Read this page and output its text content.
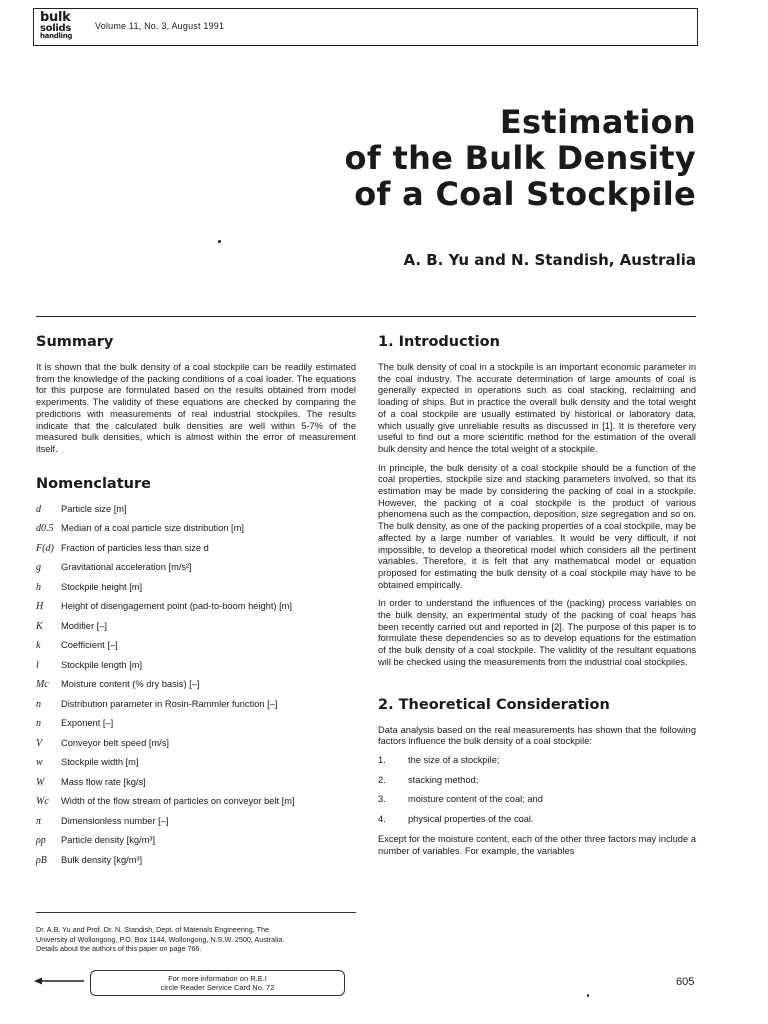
bulk
solids
handling
Volume 11, No. 3, August 1991
Estimation
of the Bulk Density
of a Coal Stockpile
A. B. Yu and N. Standish, Australia
Summary

It is shown that the bulk density of a coal stockpile can be readily estimated from the knowledge of the packing conditions of a coal loader. The equations for this purpose are formulated based on the results obtained from model experiments. The validity of these equations are checked by comparing the predictions with measurements of real industrial stockpiles. The results indicate that the calculated bulk densities are well within 5-7% of the measured bulk densities, which is almost within the error of measurement itself.

Nomenclature
d	Particle size [m]
d0.5 Median of a coal particle size distribution [m]
F(d) Fraction of particles less than size d
g	Gravitational acceleration [m/s²]
h	Stockpile height [m]
H	Height of disengagement point (pad-to-boom height) [m]
K	Modifier [–]
k	Coefficient [–]
l	Stockpile length [m]
Mc	Moisture content (% dry basis) [–]
n	Distribution parameter in Rosin-Rammler function [–]
n	Exponent [–]
V	Conveyor belt speed [m/s]
w	Stockpile width [m]
W	Mass flow rate [kg/s]
Wc	Width of the flow stream of particles on conveyor belt [m]
π	Dimensionless number [–]
ρp	Particle density [kg/m³]
ρB	Bulk density [kg/m³]
Dr. A.B. Yu and Prof. Dr. N. Standish, Dept. of Materials Engineering, The
University of Wollongong, P.O. Box 1144, Wollongong, N.S.W. 2500, Australia.
Details about the authors of this paper on page 766.
For more information on R.E.I
circle Reader Service Card No. 72
1. Introduction

The bulk density of coal in a stockpile is an important economic parameter in the coal industry. The accurate determination of large amounts of coal is generally expected in operations such as coal stacking, reclaiming and loading of ships. But in practice the overall bulk density and the total weight of a coal stockpile are usually estimated by historical or laboratory data, which usually give unreliable results as discussed in [1]. It is therefore very useful to find out a more scientific method for the estimation of the overall bulk density and hence the total weight of a stockpile.

In principle, the bulk density of a coal stockpile should be a function of the coal properties, stockpile size and stacking parameters involved, so that its estimation may be made by considering the packing of coal in a stockpile. However, the packing of a coal stockpile is the product of various phenomena such as the compaction, deposition, size segregation and so on. The bulk density, as one of the packing properties of a coal stockpile, may be affected by a large number of variables. It would be very difficult, if not impossible, to develop a theoretical model which considers all the pertinent variables. Therefore, it is felt that any mathematical model or equation proposed for estimating the bulk density of a coal stockpile may have to be obtained empirically.

In order to understand the influences of the (packing) process variables on the bulk density, an experimental study of the packing of coal heaps has been recently carried out and reported in [2]. The purpose of this paper is to formulate these dependencies so as to develop equations for the estimation of the bulk density of a coal stockpile. The validity of the resultant equations will be checked using the measurements from the industrial coal stockpiles.

2. Theoretical Consideration

Data analysis based on the real measurements has shown that the following factors influence the bulk density of a coal stockpile:

1.	the size of a stockpile;
2.	stacking method;
3.	moisture content of the coal; and
4.	physical properties of the coal.

Except for the moisture content, each of the other three factors may include a number of variables. For example, the variables

605
